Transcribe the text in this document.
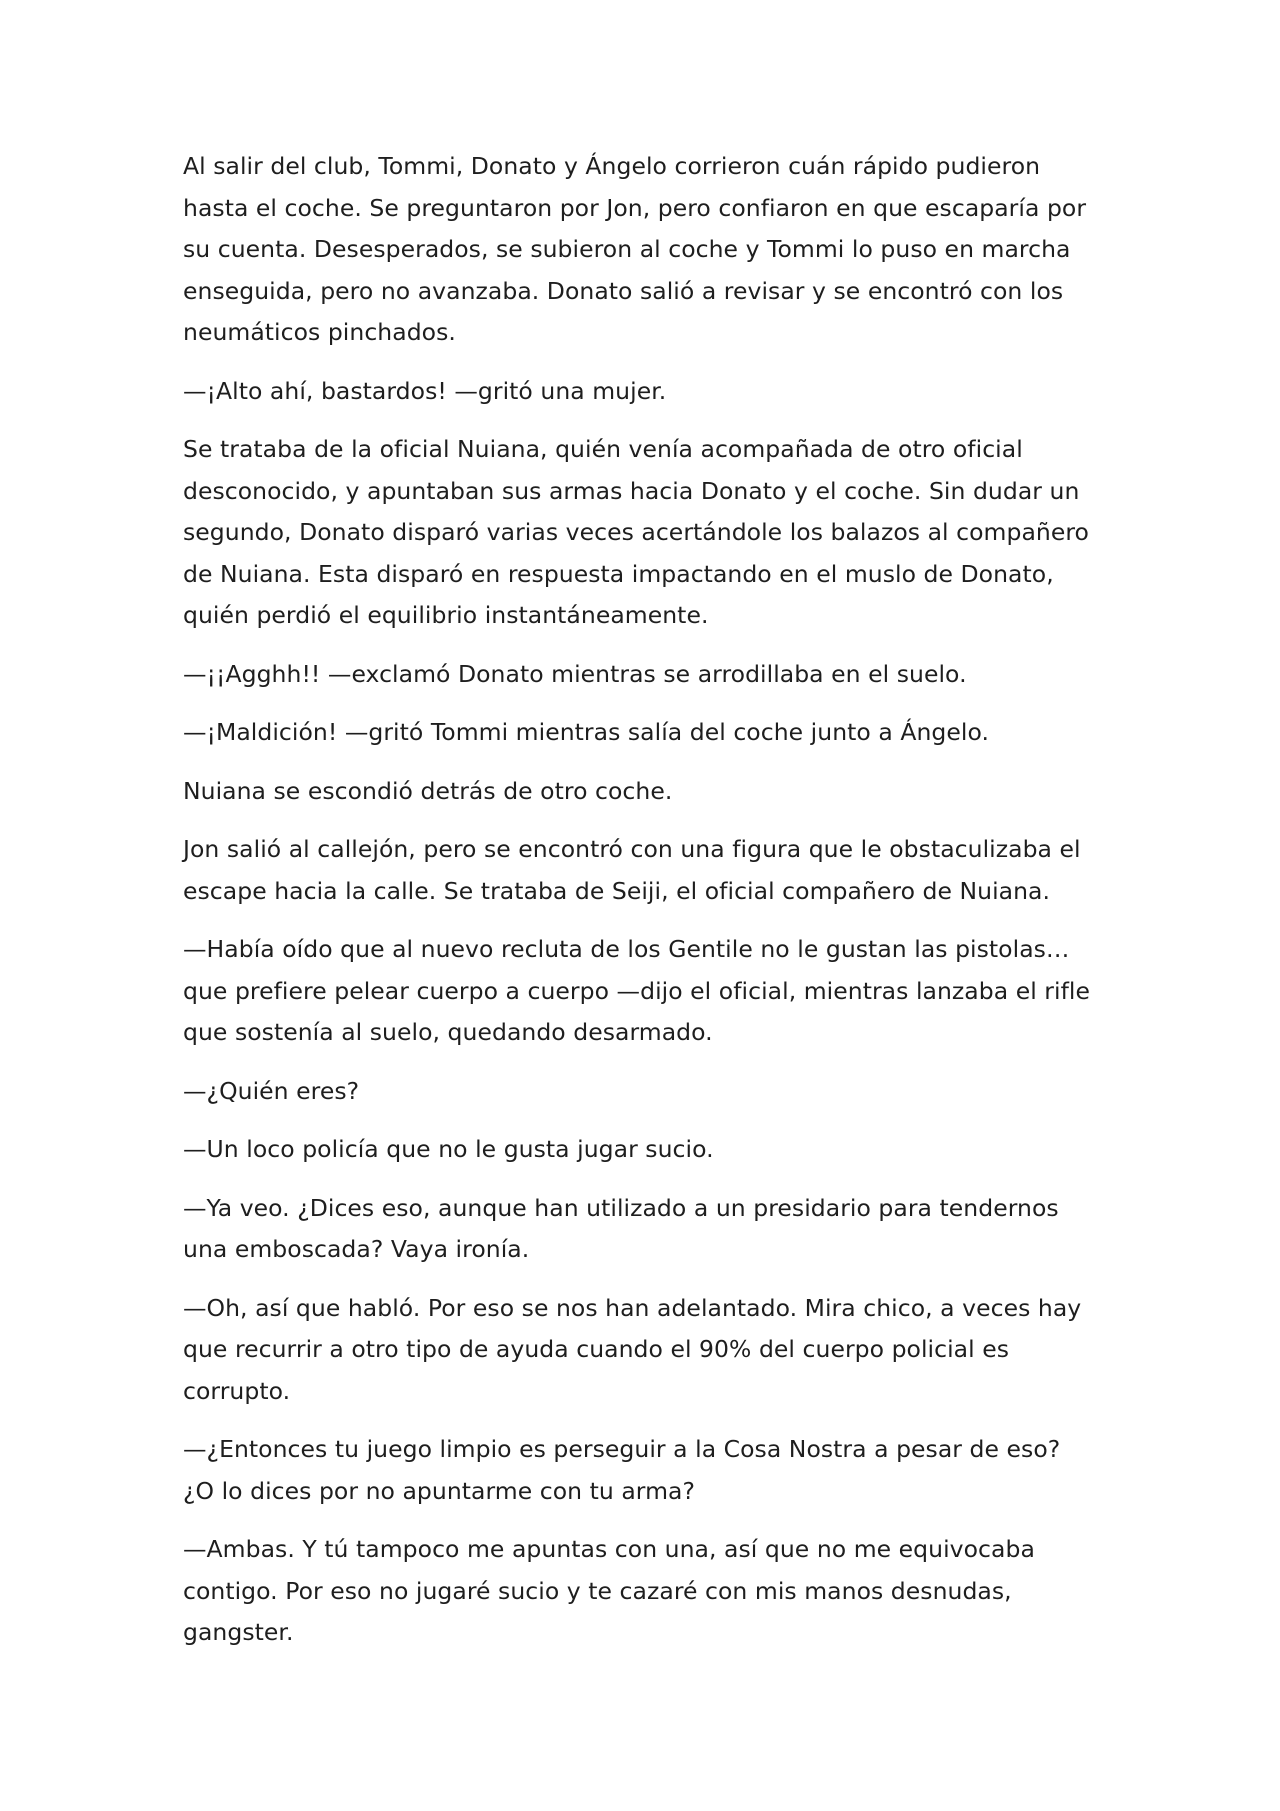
Al salir del club, Tommi, Donato y Ángelo corrieron cuán rápido pudieron hasta el coche. Se preguntaron por Jon, pero confiaron en que escaparía por su cuenta. Desesperados, se subieron al coche y Tommi lo puso en marcha enseguida, pero no avanzaba. Donato salió a revisar y se encontró con los neumáticos pinchados.

—¡Alto ahí, bastardos! —gritó una mujer.

Se trataba de la oficial Nuiana, quién venía acompañada de otro oficial desconocido, y apuntaban sus armas hacia Donato y el coche. Sin dudar un segundo, Donato disparó varias veces acertándole los balazos al compañero de Nuiana. Esta disparó en respuesta impactando en el muslo de Donato, quién perdió el equilibrio instantáneamente.

—¡¡Agghh!! —exclamó Donato mientras se arrodillaba en el suelo.

—¡Maldición! —gritó Tommi mientras salía del coche junto a Ángelo.

Nuiana se escondió detrás de otro coche.

Jon salió al callejón, pero se encontró con una figura que le obstaculizaba el escape hacia la calle. Se trataba de Seiji, el oficial compañero de Nuiana.

—Había oído que al nuevo recluta de los Gentile no le gustan las pistolas… que prefiere pelear cuerpo a cuerpo —dijo el oficial, mientras lanzaba el rifle que sostenía al suelo, quedando desarmado.

—¿Quién eres?

—Un loco policía que no le gusta jugar sucio.

—Ya veo. ¿Dices eso, aunque han utilizado a un presidario para tendernos una emboscada? Vaya ironía.

—Oh, así que habló. Por eso se nos han adelantado. Mira chico, a veces hay que recurrir a otro tipo de ayuda cuando el 90% del cuerpo policial es corrupto.

—¿Entonces tu juego limpio es perseguir a la Cosa Nostra a pesar de eso? ¿O lo dices por no apuntarme con tu arma?

—Ambas. Y tú tampoco me apuntas con una, así que no me equivocaba contigo. Por eso no jugaré sucio y te cazaré con mis manos desnudas, gangster.
